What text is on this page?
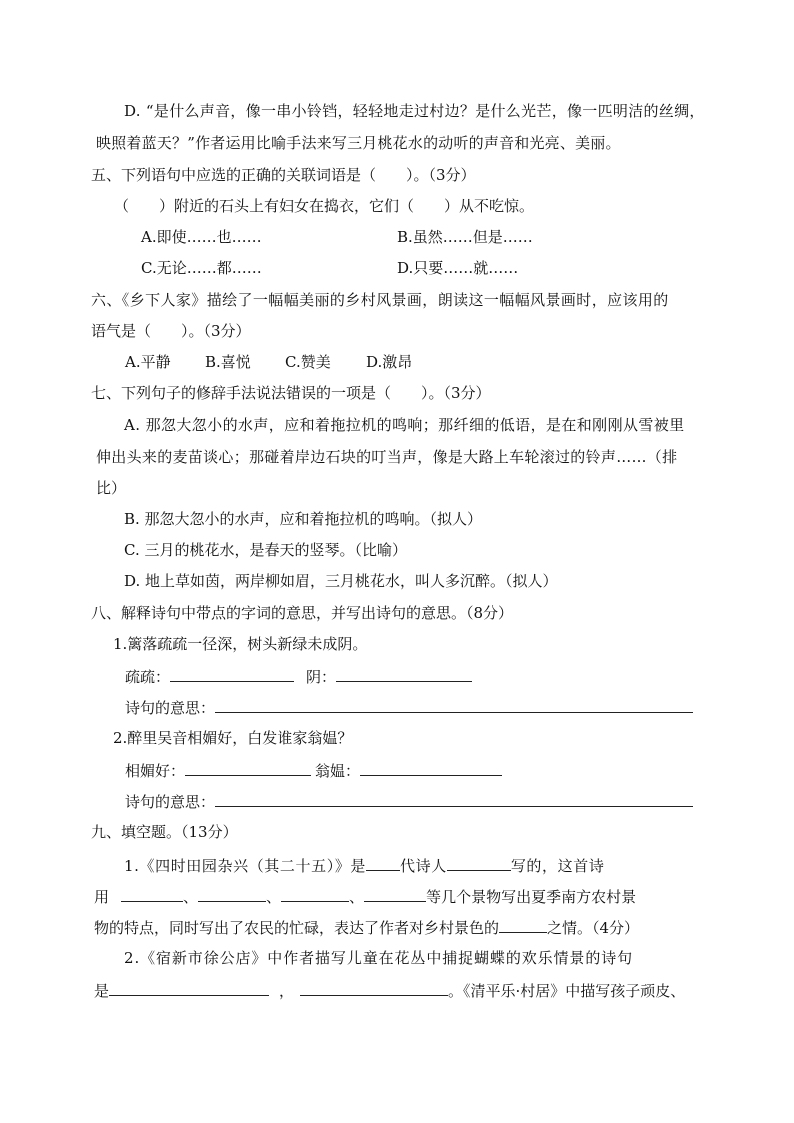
D. “是什么声音，像一串小铃铛，轻轻地走过村边？是什么光芒，像一匹明洁的丝绸，
映照着蓝天？”作者运用比喻手法来写三月桃花水的动听的声音和光亮、美丽。
五、下列语句中应选的正确的关联词语是（　　）。（3分）
（　　）附近的石头上有妇女在捣衣，它们（　　）从不吃惊。
A.即使……也……	B.虽然……但是……
C.无论……都……	D.只要……就……
六、《乡下人家》描绘了一幅幅美丽的乡村风景画，朗读这一幅幅风景画时，应该用的
语气是（　　）。（3分）
A.平静 B.喜悦 C.赞美 D.激昂
七、下列句子的修辞手法说法错误的一项是（　　）。（3分）
A. 那忽大忽小的水声，应和着拖拉机的鸣响；那纤细的低语，是在和刚刚从雪被里
伸出头来的麦苗谈心；那碰着岸边石块的叮当声，像是大路上车轮滚过的铃声……（排
比）
B. 那忽大忽小的水声，应和着拖拉机的鸣响。（拟人）
C. 三月的桃花水，是春天的竖琴。（比喻）
D. 地上草如茵，两岸柳如眉，三月桃花水，叫人多沉醉。（拟人）
八、解释诗句中带点的字词的意思，并写出诗句的意思。（8分）
1.篱落疏疏一径深，树头新绿未成阴。
疏疏：	阴：
诗句的意思：
2.醉里吴音相媚好，白发谁家翁媪？
相媚好：	翁媪：
诗句的意思：
九、填空题。（13分）
1.《四时田园杂兴（其二十五）》是 代诗人	写的，这首诗
用	、	、	、	等几个景物写出夏季南方农村景
物的特点，同时写出了农民的忙碌，表达了作者对乡村景色的	之情。（4分）
2.《宿新市徐公店》中作者描写儿童在花丛中捕捉蝴蝶的欢乐情景的诗句
是	，	。《清平乐·村居》中描写孩子顽皮、
